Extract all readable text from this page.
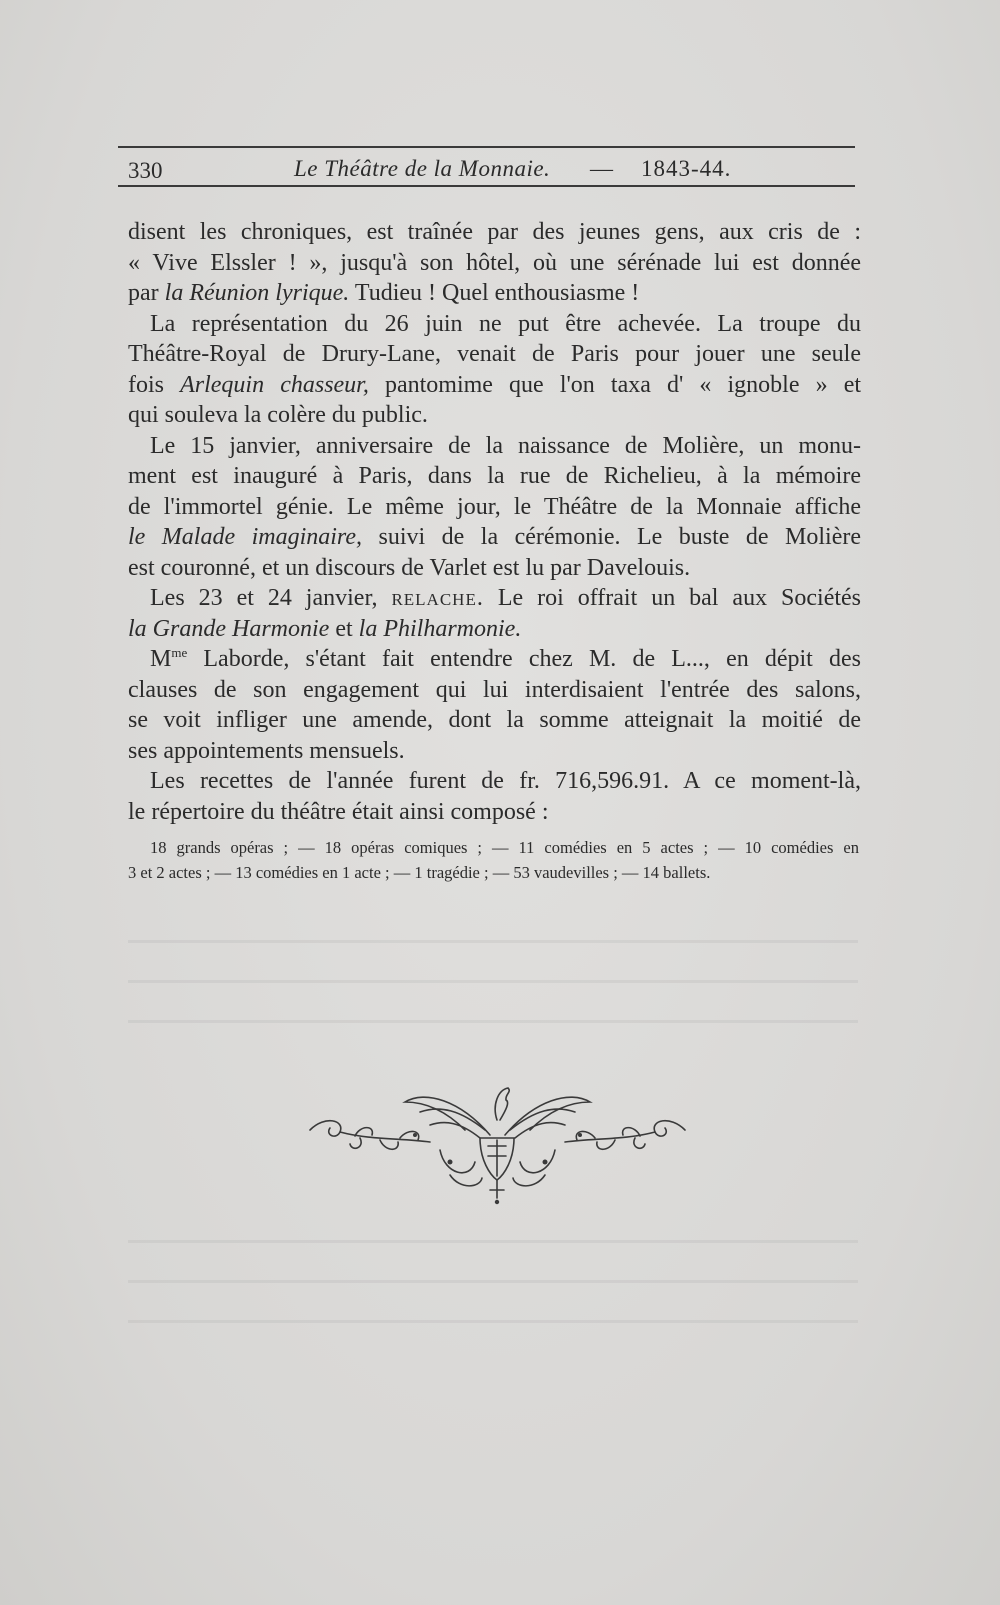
330	Le Théâtre de la Monnaie. — 1843-44.
disent les chroniques, est traînée par des jeunes gens, aux cris de :
« Vive Elssler ! », jusqu'à son hôtel, où une sérénade lui est donnée
par la Réunion lyrique. Tudieu ! Quel enthousiasme !
La représentation du 26 juin ne put être achevée. La troupe du
Théâtre-Royal de Drury-Lane, venait de Paris pour jouer une seule
fois Arlequin chasseur, pantomime que l'on taxa d' « ignoble » et
qui souleva la colère du public.
Le 15 janvier, anniversaire de la naissance de Molière, un monu-
ment est inauguré à Paris, dans la rue de Richelieu, à la mémoire
de l'immortel génie. Le même jour, le Théâtre de la Monnaie affiche
le Malade imaginaire, suivi de la cérémonie. Le buste de Molière
est couronné, et un discours de Varlet est lu par Davelouis.
Les 23 et 24 janvier, relache. Le roi offrait un bal aux Sociétés
la Grande Harmonie et la Philharmonie.
$M^{me}$ Laborde, s'étant fait entendre chez M. de L..., en dépit des
clauses de son engagement qui lui interdisaient l'entrée des salons,
se voit infliger une amende, dont la somme atteignait la moitié de
ses appointements mensuels.
Les recettes de l'année furent de fr. 716,596.91. A ce moment-là,
le répertoire du théâtre était ainsi composé :
18 grands opéras ; — 18 opéras comiques ; — 11 comédies en 5 actes ; — 10 comédies en
3 et 2 actes ; — 13 comédies en 1 acte ; — 1 tragédie ; — 53 vaudevilles ; — 14 ballets.
